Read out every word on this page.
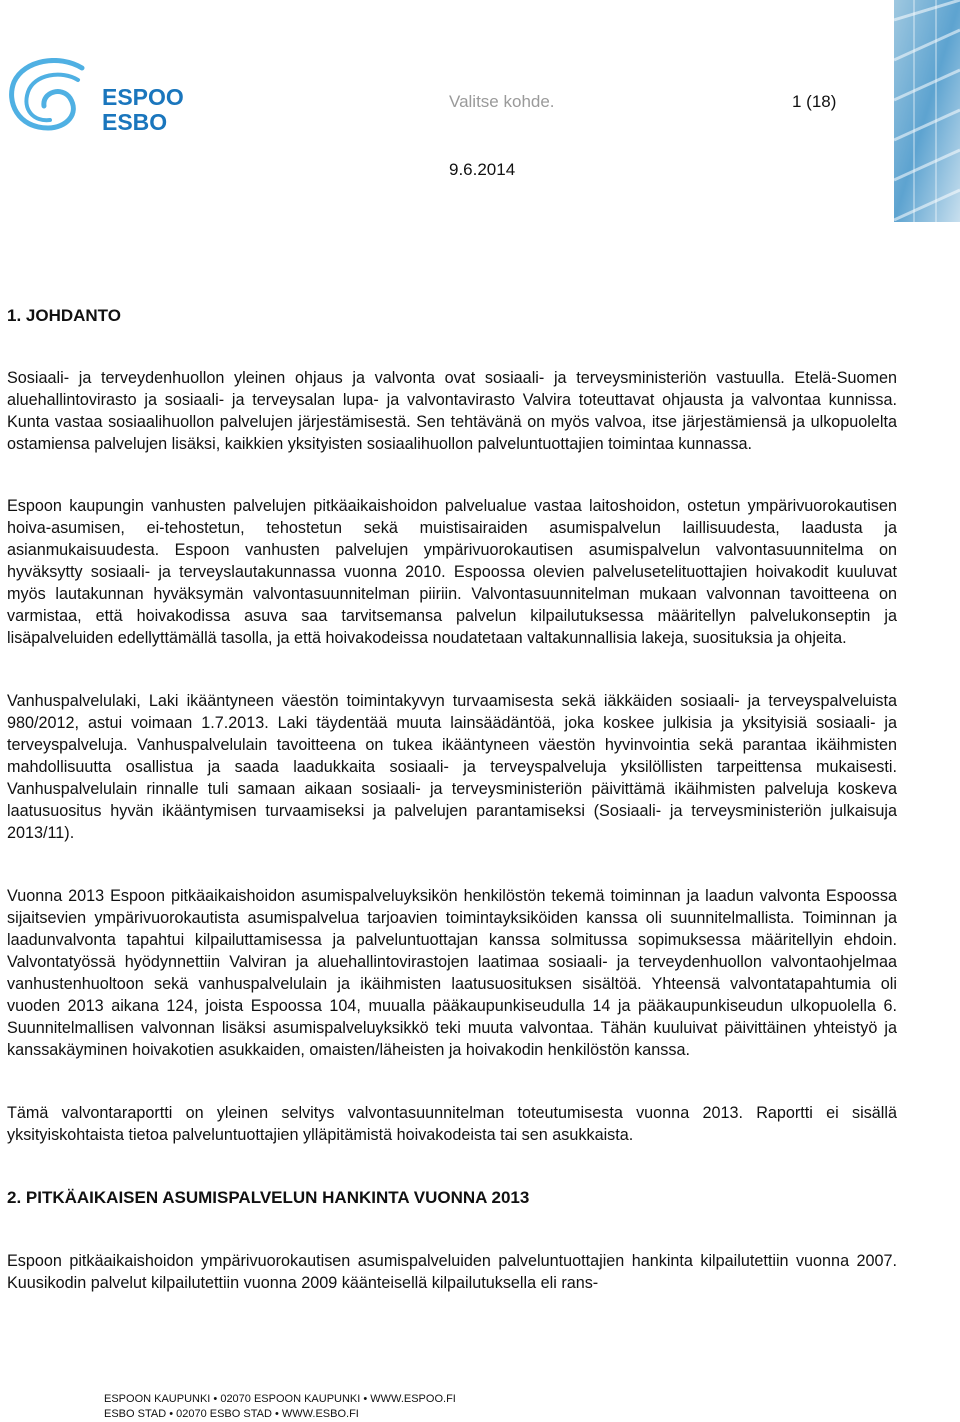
ESPOO
ESBO
Valitse kohde.	1 (18)
9.6.2014
1. JOHDANTO

Sosiaali- ja terveydenhuollon yleinen ohjaus ja valvonta ovat sosiaali- ja terveysministeriön vastuulla. Etelä-Suomen aluehallintovirasto ja sosiaali- ja terveysalan lupa- ja valvontavirasto Valvira toteuttavat ohjausta ja valvontaa kunnissa. Kunta vastaa sosiaalihuollon palvelujen järjestämisestä. Sen tehtävänä on myös valvoa, itse järjestämiensä ja ulkopuolelta ostamiensa palvelujen lisäksi, kaikkien yksityisten sosiaalihuollon palveluntuottajien toimintaa kunnassa.

Espoon kaupungin vanhusten palvelujen pitkäaikaishoidon palvelualue vastaa laitoshoidon, ostetun ympärivuorokautisen hoiva-asumisen, ei-tehostetun, tehostetun sekä muistisairaiden asumispalvelun laillisuudesta, laadusta ja asianmukaisuudesta. Espoon vanhusten palvelujen ympärivuorokautisen asumispalvelun valvontasuunnitelma on hyväksytty sosiaali- ja terveyslautakunnassa vuonna 2010. Espoossa olevien palvelusetelituottajien hoivakodit kuuluvat myös lautakunnan hyväksymän valvontasuunnitelman piiriin. Valvontasuunnitelman mukaan valvonnan tavoitteena on varmistaa, että hoivakodissa asuva saa tarvitsemansa palvelun kilpailutuksessa määritellyn palvelukonseptin ja lisäpalveluiden edellyttämällä tasolla, ja että hoivakodeissa noudatetaan valtakunnallisia lakeja, suosituksia ja ohjeita.

Vanhuspalvelulaki, Laki ikääntyneen väestön toimintakyvyn turvaamisesta sekä iäkkäiden sosiaali- ja terveyspalveluista 980/2012, astui voimaan 1.7.2013. Laki täydentää muuta lainsäädäntöä, joka koskee julkisia ja yksityisiä sosiaali- ja terveyspalveluja. Vanhuspalvelulain tavoitteena on tukea ikääntyneen väestön hyvinvointia sekä parantaa ikäihmisten mahdollisuutta osallistua ja saada laadukkaita sosiaali- ja terveyspalveluja yksilöllisten tarpeittensa mukaisesti. Vanhuspalvelulain rinnalle tuli samaan aikaan sosiaali- ja terveysministeriön päivittämä ikäihmisten palveluja koskeva laatusuositus hyvän ikääntymisen turvaamiseksi ja palvelujen parantamiseksi (Sosiaali- ja terveysministeriön julkaisuja 2013/11).

Vuonna 2013 Espoon pitkäaikaishoidon asumispalveluyksikön henkilöstön tekemä toiminnan ja laadun valvonta Espoossa sijaitsevien ympärivuorokautista asumispalvelua tarjoavien toimintayksiköiden kanssa oli suunnitelmallista. Toiminnan ja laadunvalvonta tapahtui kilpailuttamisessa ja palveluntuottajan kanssa solmitussa sopimuksessa määritellyin ehdoin. Valvontatyössä hyödynnettiin Valviran ja aluehallintovirastojen laatimaa sosiaali- ja terveydenhuollon valvontaohjelmaa vanhustenhuoltoon sekä vanhuspalvelulain ja ikäihmisten laatusuosituksen sisältöä. Yhteensä valvontatapahtumia oli vuoden 2013 aikana 124, joista Espoossa 104, muualla pääkaupunkiseudulla 14 ja pääkaupunkiseudun ulkopuolella 6. Suunnitelmallisen valvonnan lisäksi asumispalveluyksikkö teki muuta valvontaa. Tähän kuuluivat päivittäinen yhteistyö ja kanssakäyminen hoivakotien asukkaiden, omaisten/läheisten ja hoivakodin henkilöstön kanssa.

Tämä valvontaraportti on yleinen selvitys valvontasuunnitelman toteutumisesta vuonna 2013. Raportti ei sisällä yksityiskohtaista tietoa palveluntuottajien ylläpitämistä hoivakodeista tai sen asukkaista.

2. PITKÄAIKAISEN ASUMISPALVELUN HANKINTA VUONNA 2013

Espoon pitkäaikaishoidon ympärivuorokautisen asumispalveluiden palveluntuottajien hankinta kilpailutettiin vuonna 2007. Kuusikodin palvelut kilpailutettiin vuonna 2009 käänteisellä kilpailutuksella eli rans-

ESPOON KAUPUNKI • 02070 ESPOON KAUPUNKI • WWW.ESPOO.FI
ESBO STAD • 02070 ESBO STAD • WWW.ESBO.FI
